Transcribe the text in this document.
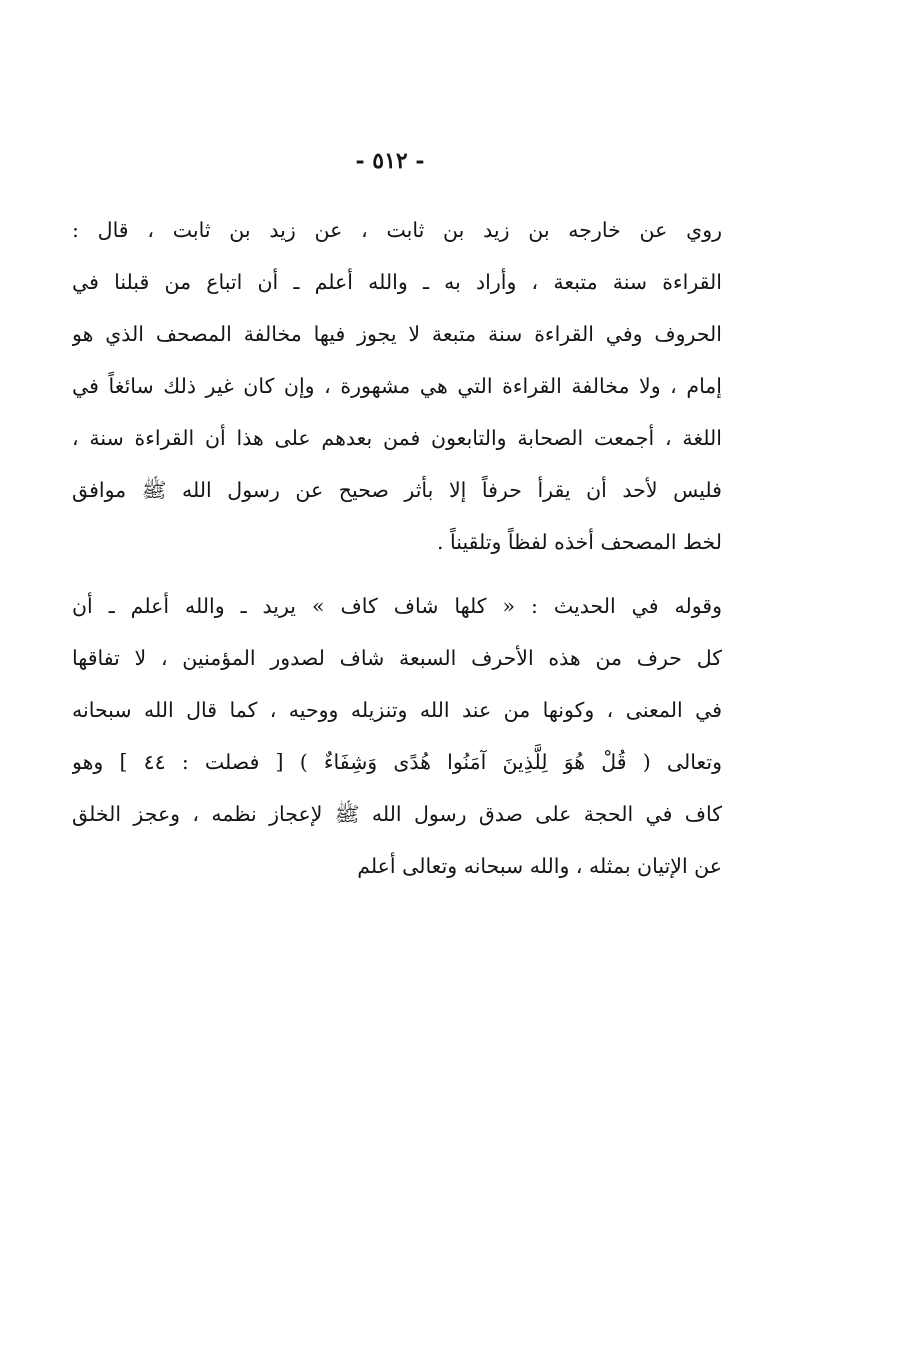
- ٥١٢ -
روي عن خارجه بن زيد بن ثابت ، عن زيد بن ثابت ، قال :
القراءة سنة متبعة ، وأراد به ـ والله أعلم ـ أن اتباع من قبلنا في
الحروف وفي القراءة سنة متبعة لا يجوز فيها مخالفة المصحف الذي هو
إمام ، ولا مخالفة القراءة التي هي مشهورة ، وإن كان غير ذلك سائغاً في
اللغة ، أجمعت الصحابة والتابعون فمن بعدهم على هذا أن القراءة سنة ،
فليس لأحد أن يقرأ حرفاً إلا بأثر صحيح عن رسول الله ﷺ موافق
لخط المصحف أخذه لفظاً وتلقيناً .
وقوله في الحديث : « كلها شاف كاف » يريد ـ والله أعلم ـ أن
كل حرف من هذه الأحرف السبعة شاف لصدور المؤمنين ، لا تفاقها
في المعنى ، وكونها من عند الله وتنزيله ووحيه ، كما قال الله سبحانه
وتعالى ( قُلْ هُوَ لِلَّذِينَ آمَنُوا هُدًى وَشِفَاءٌ ) [ فصلت : ٤٤ ] وهو
كاف في الحجة على صدق رسول الله ﷺ لإعجاز نظمه ، وعجز الخلق
عن الإتيان بمثله ، والله سبحانه وتعالى أعلم
